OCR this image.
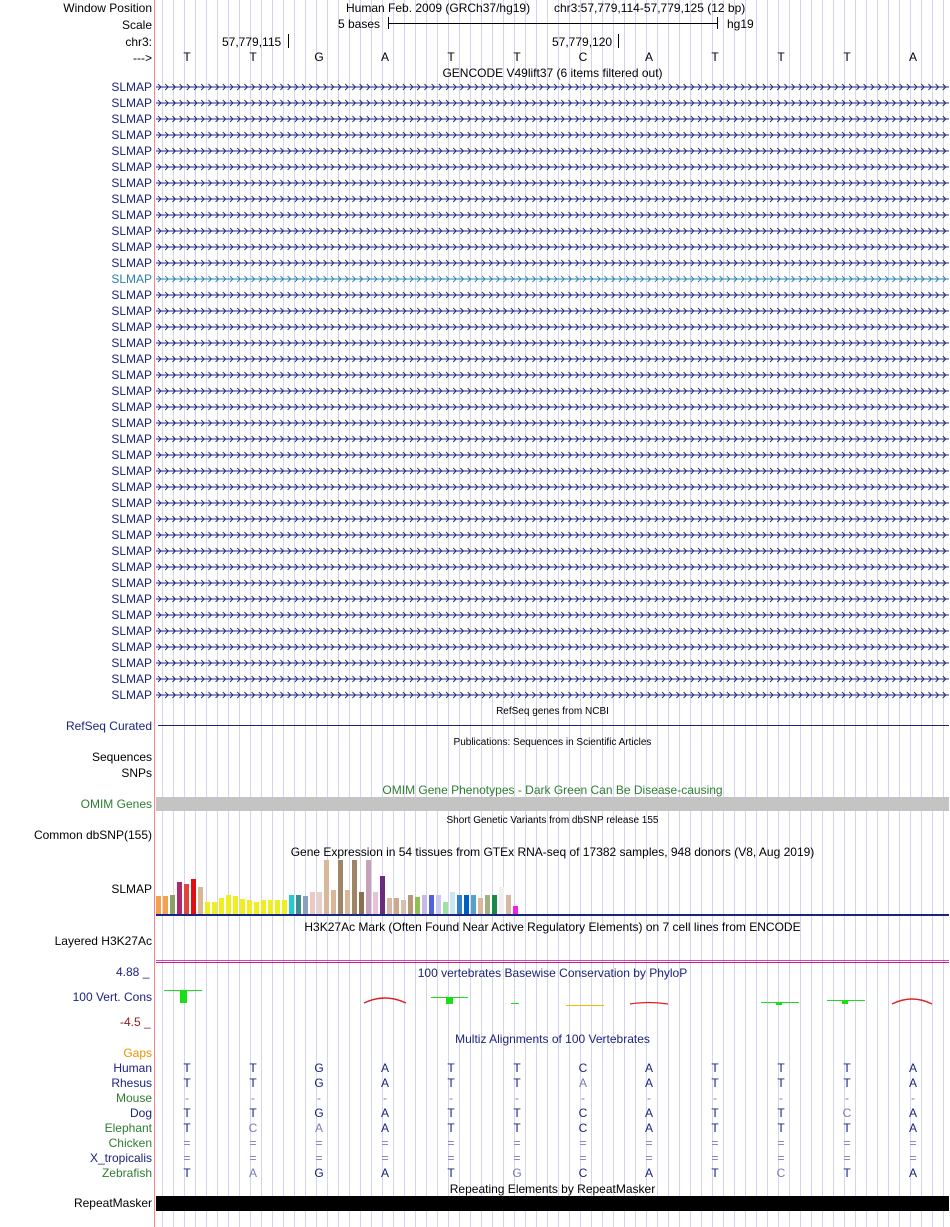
Window Position
Scale
chr3:
--->
Human Feb. 2009 (GRCh37/hg19) chr3:57,779,114-57,779,125 (12 bp)
5 bases	hg19
57,779,115	57,779,120
T	T	G	A	T	T	C	A	T	T	T	A
GENCODE V49lift37 (6 items filtered out)
SLMAP
SLMAP
SLMAP
SLMAP
SLMAP
SLMAP
SLMAP
SLMAP
SLMAP
SLMAP
SLMAP
SLMAP
SLMAP
SLMAP
SLMAP
SLMAP
SLMAP
SLMAP
SLMAP
SLMAP
SLMAP
SLMAP
SLMAP
SLMAP
SLMAP
SLMAP
SLMAP
SLMAP
SLMAP
SLMAP
SLMAP
SLMAP
SLMAP
SLMAP
SLMAP
SLMAP
SLMAP
SLMAP
SLMAP
RefSeq genes from NCBI
RefSeq Curated
Publications: Sequences in Scientific Articles
Sequences
SNPs
OMIM Gene Phenotypes - Dark Green Can Be Disease-causing
OMIM Genes
Short Genetic Variants from dbSNP release 155
Common dbSNP(155)
Gene Expression in 54 tissues from GTEx RNA-seq of 17382 samples, 948 donors (V8, Aug 2019)
SLMAP
H3K27Ac Mark (Often Found Near Active Regulatory Elements) on 7 cell lines from ENCODE
Layered H3K27Ac
100 vertebrates Basewise Conservation by PhyloP
4.88 _
100 Vert. Cons
-4.5 _
Multiz Alignments of 100 Vertebrates
Gaps
Human	T	T	G	A	T	T	C	A	T	T	T	A
Rhesus	T	T	G	A	T	T	A	A	T	T	T	A
Mouse	-	-	-	-	-	-	-	-	-	-	-	-
Dog	T	T	G	A	T	T	C	A	T	T	C	A
Elephant	T	C	A	A	T	T	C	A	T	T	T	A
Chicken	=	=	=	=	=	=	=	=	=	=	=	=
X_tropicalis	=	=	=	=	=	=	=	=	=	=	=	=
Zebrafish	T	A	G	A	T	G	C	A	T	C	T	A
Repeating Elements by RepeatMasker
RepeatMasker
